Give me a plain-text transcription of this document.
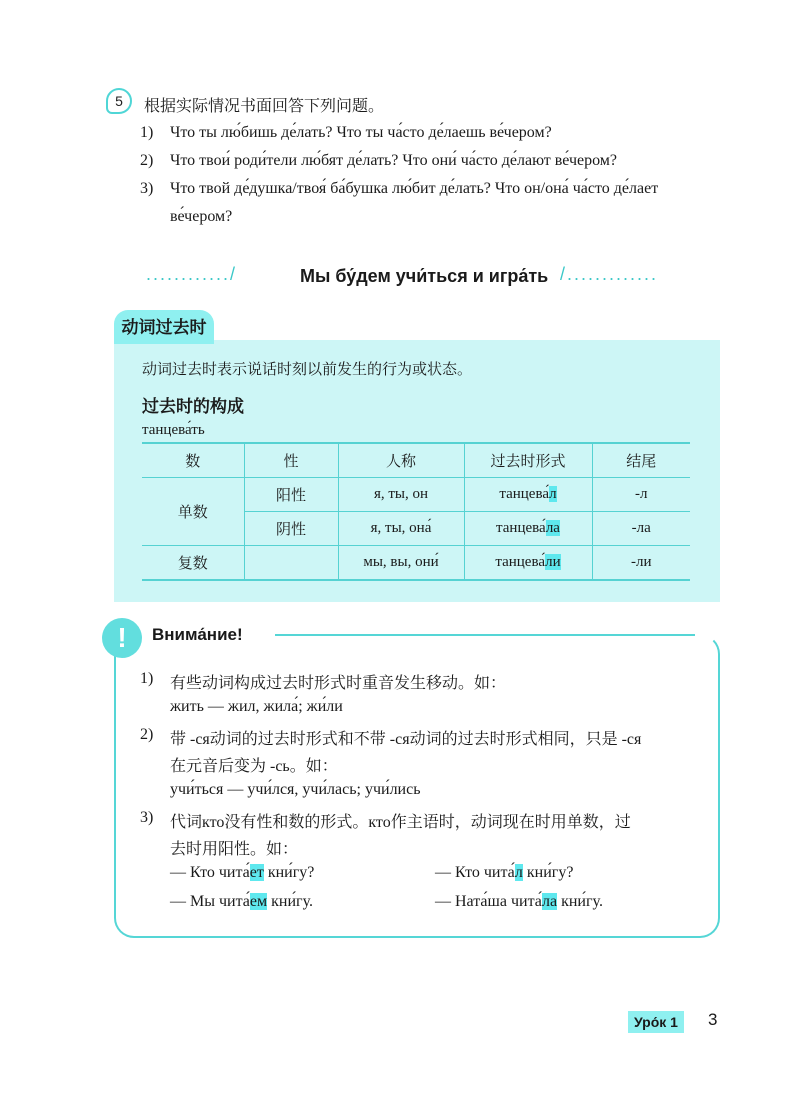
5	根据实际情况书面回答下列问题。
1) Что ты лю́бишь де́лать? Что ты ча́сто де́лаешь ве́чером?
2) Что твои́ роди́тели лю́бят де́лать? Что они́ ча́сто де́лают ве́чером?
3) Что твой де́душка/твоя́ ба́бушка лю́бит де́лать? Что он/она́ ча́сто де́лает
ве́чером?
............/	Мы бу́дем учи́ться и игра́ть /.............
动词过去时
动词过去时表示说话时刻以前发生的行为或状态。
过去时的构成
танцева́ть
数	性	人称	过去时形式	结尾
单数	阳性	я, ты, он	танцева́л	-л
	阴性	я, ты, она́	танцева́ла	-ла
复数		мы, вы, они́	танцева́ли	-ли
!	Внима́ние!
1) 有些动词构成过去时形式时重音发生移动。如：
жить — жил, жила́; жи́ли
2) 带 -ся动词的过去时形式和不带 -ся动词的过去时形式相同，只是 -ся
在元音后变为 -сь。如：
учи́ться — учи́лся, учи́лась; учи́лись
3) 代词кто没有性和数的形式。кто作主语时，动词现在时用单数，过
去时用阳性。如：
— Кто чита́ет кни́гу?	— Кто чита́л кни́гу?
— Мы чита́ем кни́гу.	— Ната́ша чита́ла кни́гу.
Уро́к 1	3
